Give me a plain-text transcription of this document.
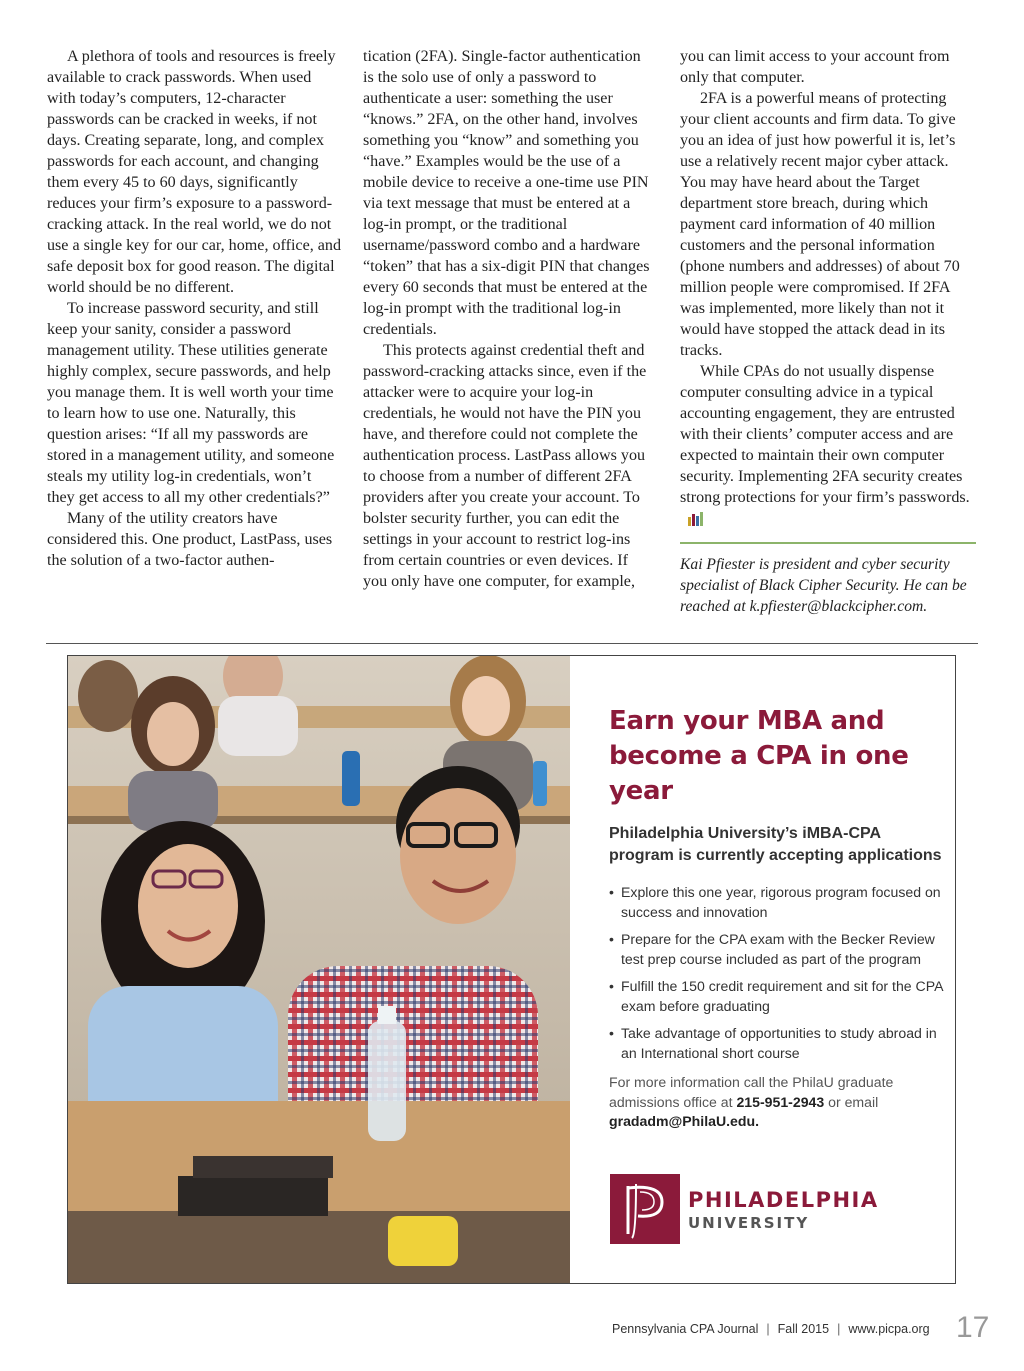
A plethora of tools and resources is freely available to crack passwords. When used with today’s computers, 12-character passwords can be cracked in weeks, if not days. Creating separate, long, and complex passwords for each account, and changing them every 45 to 60 days, significantly reduces your firm’s exposure to a password-cracking attack. In the real world, we do not use a single key for our car, home, office, and safe deposit box for good reason. The digital world should be no different.

To increase password security, and still keep your sanity, consider a password management utility. These utilities generate highly complex, secure passwords, and help you manage them. It is well worth your time to learn how to use one. Naturally, this question arises: “If all my passwords are stored in a management utility, and someone steals my utility log-in credentials, won’t they get access to all my other credentials?”

Many of the utility creators have considered this. One product, LastPass, uses the solution of a two-factor authen-

tication (2FA). Single-factor authentication is the solo use of only a password to authenticate a user: something the user “knows.” 2FA, on the other hand, involves something you “know” and something you “have.” Examples would be the use of a mobile device to receive a one-time use PIN via text message that must be entered at a log-in prompt, or the traditional username/password combo and a hardware “token” that has a six-digit PIN that changes every 60 seconds that must be entered at the log-in prompt with the traditional log-in credentials.

This protects against credential theft and password-cracking attacks since, even if the attacker were to acquire your log-in credentials, he would not have the PIN you have, and therefore could not complete the authentication process. LastPass allows you to choose from a number of different 2FA providers after you create your account. To bolster security further, you can edit the settings in your account to restrict log-ins from certain countries or even devices. If you only have one computer, for example,

you can limit access to your account from only that computer.

2FA is a powerful means of protecting your client accounts and firm data. To give you an idea of just how powerful it is, let’s use a relatively recent major cyber attack. You may have heard about the Target department store breach, during which payment card information of 40 million customers and the personal information (phone numbers and addresses) of about 70 million people were compromised. If 2FA was implemented, more likely than not it would have stopped the attack dead in its tracks.

While CPAs do not usually dispense computer consulting advice in a typical accounting engagement, they are entrusted with their clients’ computer access and are expected to maintain their own computer security. Implementing 2FA security creates strong protections for your firm’s passwords.

Kai Pfiester is president and cyber security specialist of Black Cipher Security. He can be reached at k.pfiester@blackcipher.com.

Earn your MBA and
become a CPA in one year

Philadelphia University’s iMBA-CPA program is currently accepting applications

• Explore this one year, rigorous program focused on success and innovation
• Prepare for the CPA exam with the Becker Review test prep course included as part of the program
• Fulfill the 150 credit requirement and sit for the CPA exam before graduating
• Take advantage of opportunities to study abroad in an International short course

For more information call the PhilaU graduate admissions office at 215-951-2943 or email
gradadm@PhilaU.edu.

PHILADELPHIA
UNIVERSITY
Pennsylvania CPA Journal | Fall 2015 | www.picpa.org 17
